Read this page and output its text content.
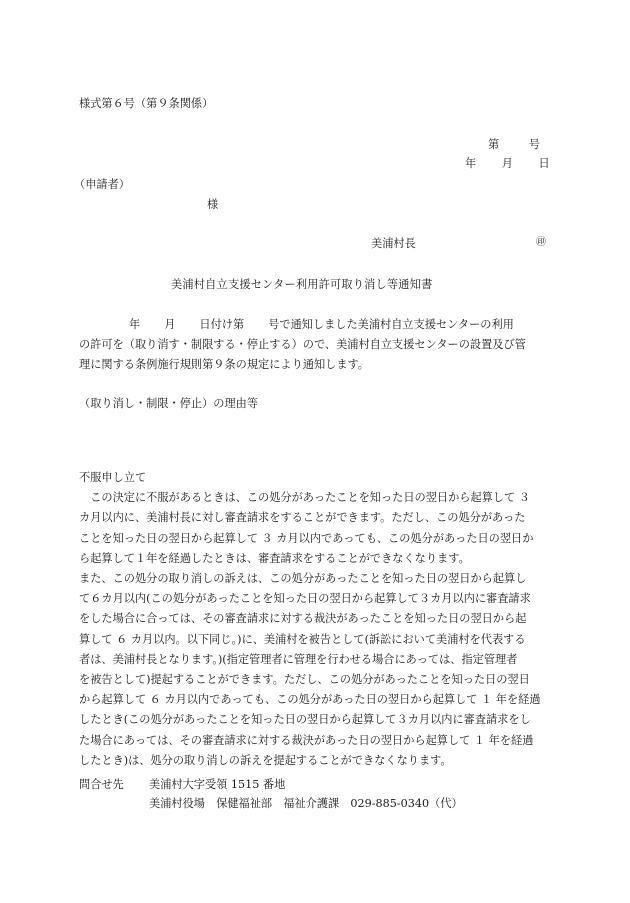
様式第６号（第９条関係）
第 号
年 月 日
（申請者）
様
美浦村長	㊞
美浦村自立支援センター利用許可取り消し等通知書

年 月 日付け第 号で通知しました美浦村自立支援センターの利用

の許可を（取り消す・制限する・停止する）ので、美浦村自立支援センターの設置及び管

理に関する条例施行規則第９条の規定により通知します。

（取り消し・制限・停止）の理由等

不服申し立て

　この決定に不服があるときは、この処分があったことを知った日の翌日から起算して ３

カ月以内に、美浦村長に対し審査請求をすることができます。ただし、この処分があった

ことを知った日の翌日から起算して ３ カ月以内であっても、この処分があった日の翌日か

ら起算して１年を経過したときは、審査請求をすることができなくなります。

また、この処分の取り消しの訴えは、この処分があったことを知った日の翌日から起算し

て６カ月以内(この処分があったことを知った日の翌日から起算して３カ月以内に審査請求

をした場合に合っては、その審査請求に対する裁決があったことを知った日の翌日から起

算して ６ カ月以内。以下同じ。)に、美浦村を被告として(訴訟において美浦村を代表する

者は、美浦村長となります。)(指定管理者に管理を行わせる場合にあっては、指定管理者

を被告として)提起することができます。ただし、この処分があったことを知った日の翌日

から起算して ６ カ月以内であっても、この処分があった日の翌日から起算して １ 年を経過

したとき(この処分があったことを知った日の翌日から起算して３カ月以内に審査請求をし

た場合にあっては、その審査請求に対する裁決があった日の翌日から起算して １ 年を経過

したとき)は、処分の取り消しの訴えを提起することができなくなります。

問合せ先 美浦村大字受領 1515 番地
美浦村役場　保健福祉部　福祉介護課　029-885-0340（代）
